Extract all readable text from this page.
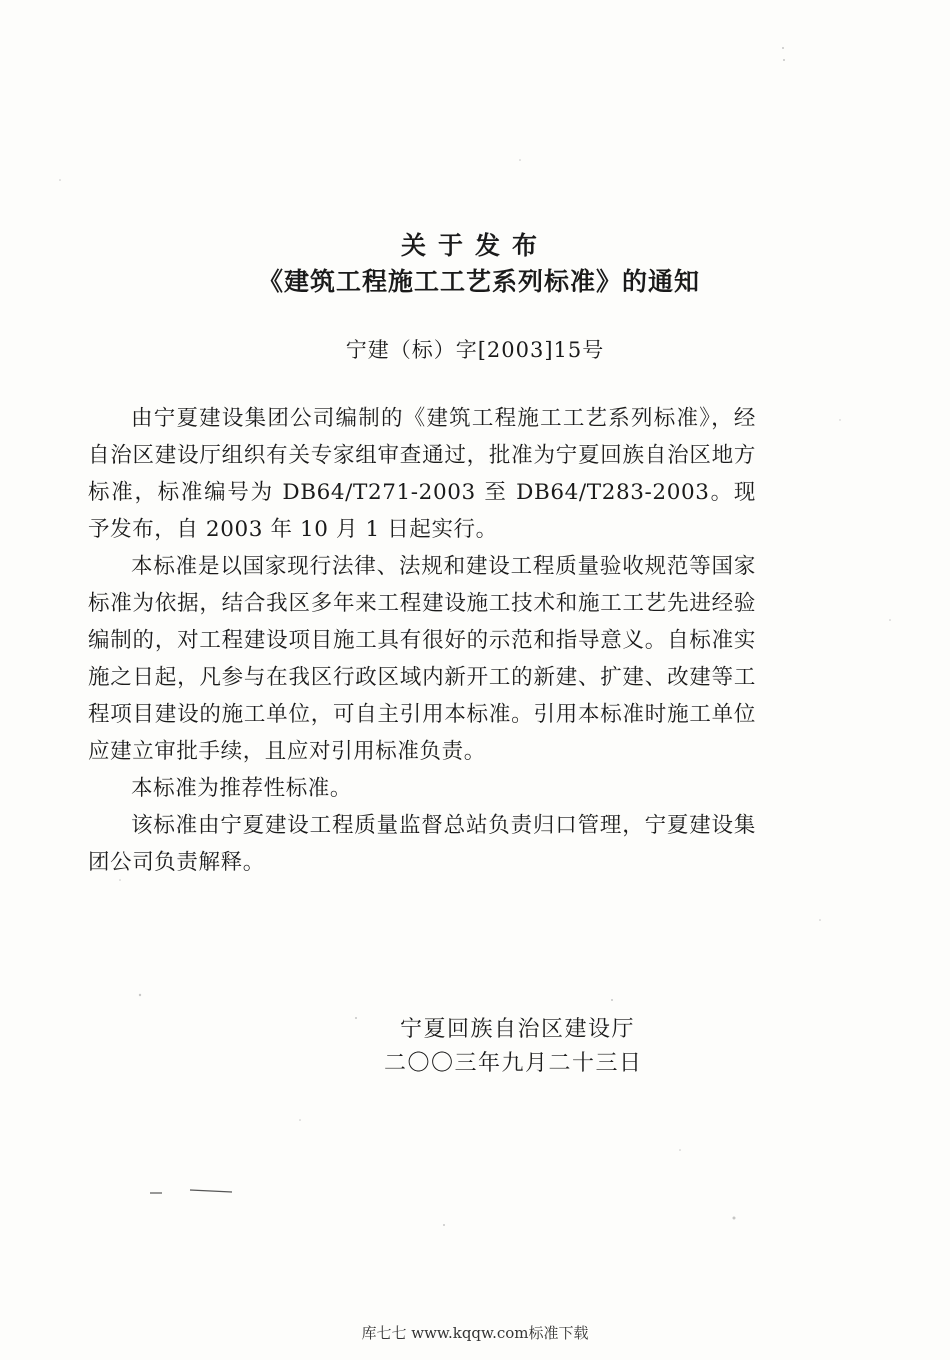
关于发布
《建筑工程施工工艺系列标准》的通知
宁建（标）字[2003]15号

由宁夏建设集团公司编制的《建筑工程施工工艺系列标准》，经自治区建设厅组织有关专家组审查通过，批准为宁夏回族自治区地方标准，标准编号为 DB64/T271-2003 至 DB64/T283-2003。现予发布，自 2003 年 10 月 1 日起实行。

本标准是以国家现行法律、法规和建设工程质量验收规范等国家标准为依据，结合我区多年来工程建设施工技术和施工工艺先进经验编制的，对工程建设项目施工具有很好的示范和指导意义。自标准实施之日起，凡参与在我区行政区域内新开工的新建、扩建、改建等工程项目建设的施工单位，可自主引用本标准。引用本标准时施工单位应建立审批手续，且应对引用标准负责。

本标准为推荐性标准。

该标准由宁夏建设工程质量监督总站负责归口管理，宁夏建设集团公司负责解释。

宁夏回族自治区建设厅
二〇〇三年九月二十三日
库七七 www.kqqw.com标准下载
